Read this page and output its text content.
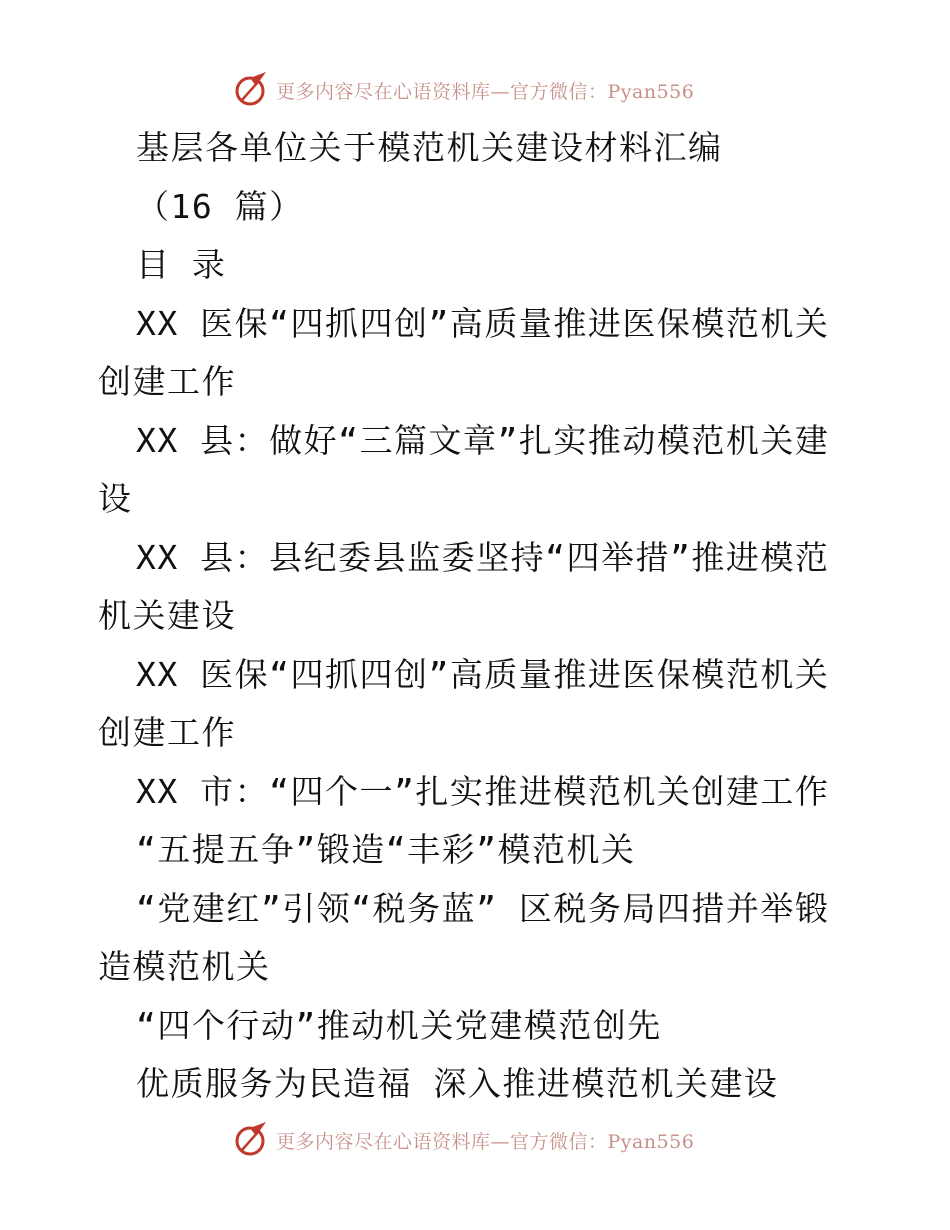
更多内容尽在心语资料库—官方微信：Pyan556
基层各单位关于模范机关建设材料汇编
（16 篇）
目 录
XX 医保“四抓四创”高质量推进医保模范机关创建工作
XX 县：做好“三篇文章”扎实推动模范机关建设
XX 县：县纪委县监委坚持“四举措”推进模范机关建设
XX 医保“四抓四创”高质量推进医保模范机关创建工作
XX 市：“四个一”扎实推进模范机关创建工作
“五提五争”锻造“丰彩”模范机关
“党建红”引领“税务蓝” 区税务局四措并举锻造模范机关
“四个行动”推动机关党建模范创先
优质服务为民造福 深入推进模范机关建设
更多内容尽在心语资料库—官方微信：Pyan556
